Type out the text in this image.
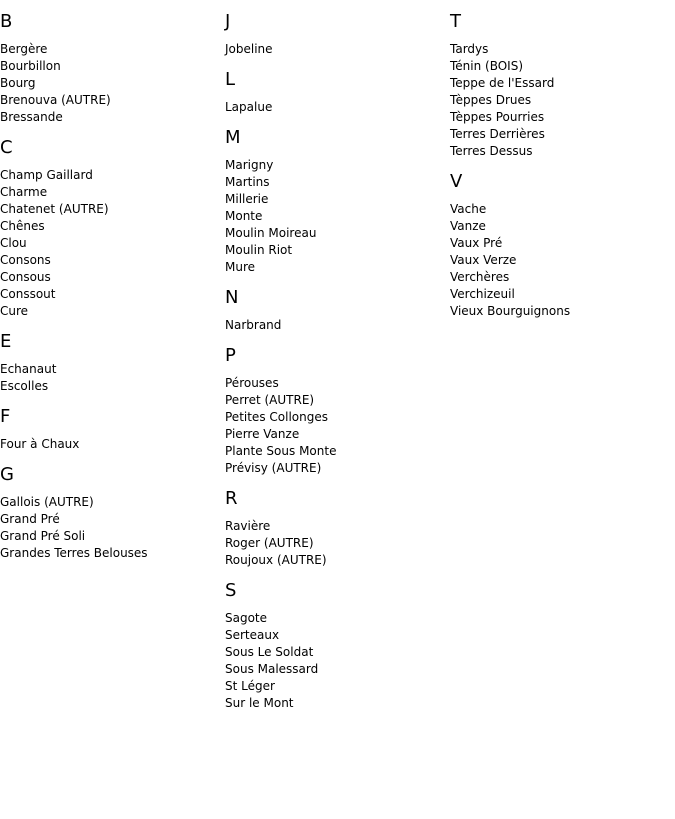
B
Bergère
Bourbillon
Bourg
Brenouva (AUTRE)
Bressande
C
Champ Gaillard
Charme
Chatenet (AUTRE)
Chênes
Clou
Consons
Consous
Conssout
Cure
E
Echanaut
Escolles
F
Four à Chaux
G
Gallois (AUTRE)
Grand Pré
Grand Pré Soli
Grandes Terres Belouses
J
Jobeline
L
Lapalue
M
Marigny
Martins
Millerie
Monte
Moulin Moireau
Moulin Riot
Mure
N
Narbrand
P
Pérouses
Perret (AUTRE)
Petites Collonges
Pierre Vanze
Plante Sous Monte
Prévisy (AUTRE)
R
Ravière
Roger (AUTRE)
Roujoux (AUTRE)
S
Sagote
Serteaux
Sous Le Soldat
Sous Malessard
St Léger
Sur le Mont
T
Tardys
Ténin (BOIS)
Teppe de l'Essard
Tèppes Drues
Tèppes Pourries
Terres Derrières
Terres Dessus
V
Vache
Vanze
Vaux Pré
Vaux Verze
Verchères
Verchizeuil
Vieux Bourguignons
